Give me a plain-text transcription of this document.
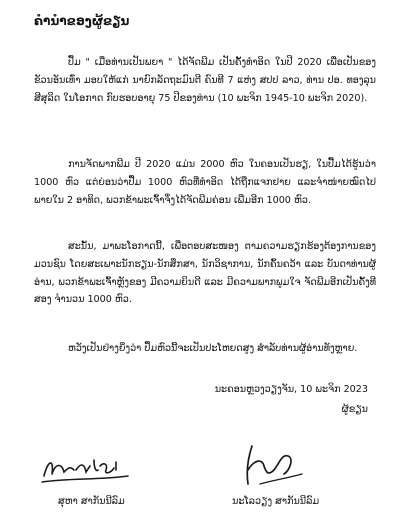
ຄຳນຳຂອງຜູ້ຂຽນ

ປຶ້ມ " ເມື່ອທ່ານເປັນພຍາ " ໄດ້ຈັດພີມ ເປັນຄັ້ງທຳອິດ ໃນປີ 2020 ເພື່ອເປັນຂອງຂັວນອັນເທົ່າ ມອບໃຫ້ແກ່ ນາຍົກລັດຖະມົນຕີ ຄົນທີ 7 ແຫ່ງ ສປປ ລາວ, ທ່ານ ປອ. ທອງລຸນ ສີສຸລິດ ໃນໂອກາດ ກົບຮອບອາຍຸ 75 ປີຂອງທ່ານ (10 ພະຈິກ 1945-10 ພະຈິກ 2020).

ການຈັດພາກພີມ ປີ 2020 ແມ່ນ 2000 ຫົວ ໃນຄອນເປັນຮຽ, ໃນປື້ມໄດ້ຮູ້ນວ່າ 1000 ຫົວ ແຕ່ຍ່ອນວ່າປື້ມ 1000 ຫົວທີ່ທຳອິດ ໄດ້ຖືກແຈກຢາຍ ແລະຈໍາໜ່າຍໝົດໄປ ພາຍໃນ 2 ອາທິດ, ພວກຂ້າພະເຈົ້າຈຶ່ງໄດ້ຈັດພີມຄ່ອນ ເພີ່ມອີກ 1000 ຫົວ.

ສະນັ້ນ, ມາພະໂອກາດນີ້, ເພື່ອຕອບສະໜອງ ຕາມຄວາມຮຽກຮ້ອງຕ້ອງການຂອງມວນຊົນ ໂດຍສະເພາະນັກຮຽນ-ນັກສຶກສາ, ນັກວິຊາການ, ນັກຄົ້ນຄວ້າ ແລະ ບັນດາທ່ານຜູ້ອ່ານ, ພວກຂ້າພະເຈົ້າຫຼັງຂອງ ມີຄວາມຍິນດີ ແລະ ມີຄວາມພາກພູມໃຈ ຈັດພີມອີກເປັນຄັ້ງທີສອງ ຈຳນວນ 1000 ຫົວ.

ຫວັງເປັນຢ່າງຍິ່ງວ່າ ປຶ້ມຫົວນີ້ຈະເປັນປະໂຫຍດສູງ ສໍາລັບທ່ານຜູ້ອ່ານທັງຫຼາຍ.

ນະຄອນຫຼວງວຽງຈັນ, 10 ພະຈິກ 2023
ຜູ້ຂຽນ
ສຸຫາ ສາກັນນີລົມ	ນະໂລວຽງ ສາກັນນີລົມ
